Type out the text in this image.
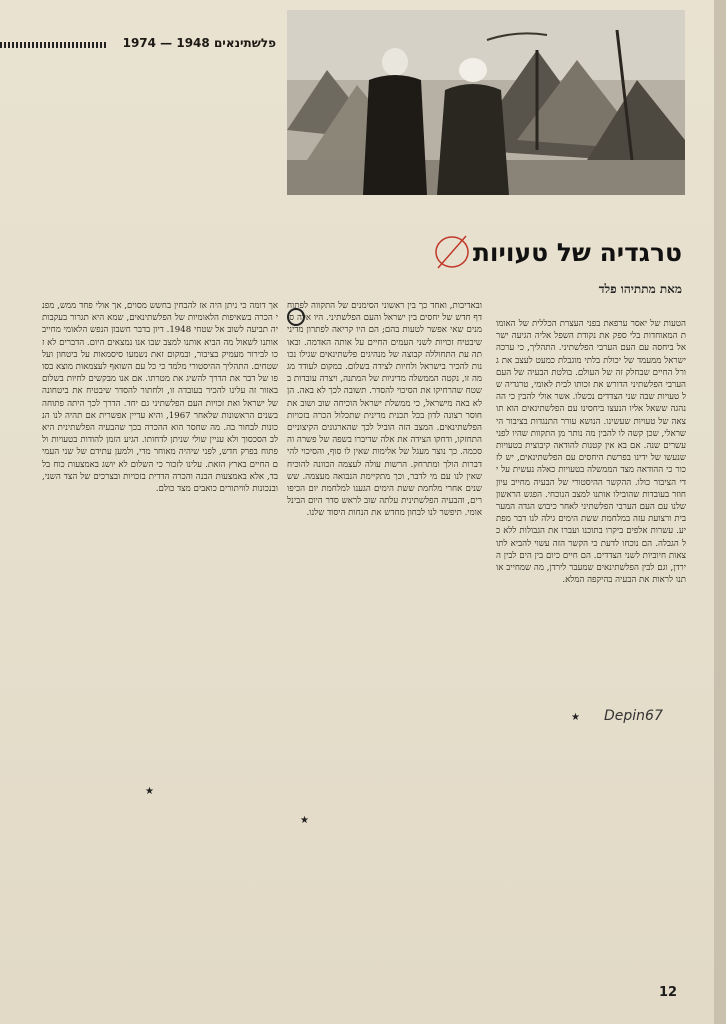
פלשתינאים 1948 — 1974
טרגדיה של טעויות
מאת מתתיהו פלד
הטעות של יאסר ערפאת בפני העצרת הכללית של האומות המאוחדות בלי ספק את נקודת השפל אליה הגיעה ישראל ביחסה עם העם הערבי הפלשתיני. התהליך, כי ערכה ישראל ממעמד של יכולת בלתי מוגבלת כמעט לעצב את גורל החיים שבחלק זה של העולם. בולטת הבעיה של העם הערבי הפלשתיני הדורש את זכותו לבית לאומי, טרגדיה של טעויות שבה שני הצדדים נכשלו. אשר אולי להבין כי ההנהגה ששאל אליו הנעצו ביחסינו עם הפלשתינאים הוא תוצאה של טעויות שעשינו. הנושא עורר התנגדות בציבור הישראלי, שכן קשה לו להבין מה נותר מן התקוות שהיו לפני עשרים שנה. אם בא אין קטנות להודאה קיבוצית בטעויות שנעשו של ידינו בפרשת היחסים עם הפלשתינאים, יש לזכור כי ההודאה מצד הממשלה בטעויות כאלה נעשית על ידי הציבור כולו. ההקשר ההיסטורי של הבעיה מחייב עיון חוזר בעובדות שהובילו אותנו למצב הנוכחי. הפגש הראשון שלנו עם העם הערבי הפלשתיני לאחר כיבוש הגדה המערבית ורצועת עזה במלחמת ששת הימים גילה לנו דבר מפתיע. עשרות אלפים ביקרו בתוכנו ועברו את הגבולות ללא כל הגבלה. הם נוכחו לדעת כי הקשר הזה עשוי להביא לתוצאות חיוביות לשני הצדדים. הם חיים כיום בין הים לבין הירדן, וגם לבין הפלשתינאים שמעבר לירדן, מה שמחייב אותנו לראות את הבעיה בהיקפה המלא.
ובאדיבות, ואחד כך בין ראשוני הסימנים של התקווה לפתוח דף חדש של יחסים בין ישראל והעם הפלשתיני. היו אלה סימנים שאי אפשר לטעות בהם; הם היו קריאה לפתרון מדיני שיבטיח זכויות לשני העמים החיים על אותה האדמה. ובאותה עת התחוללה קבוצה של מנהיגים פלשתינאים שגילו נכונות להכיר בישראל ולחיות לצידה בשלום. במקום לעודד מגמה זו, נקטה הממשלה מדיניות של המתנה, ויצרה עובדות בשטח שהרחיקו את הסיכוי להסדר. תשובה לכך לא באה. הן לא באה מישראל, כי ממשלת ישראל הוכיחה שוב ושוב את חוסר רצונה לדון בכל תכנית מדינית שתכלול הכרה בזכויות הפלשתינאים. המצב הזה הוביל לכך שהארגונים הקיצוניים התחזקו, ודחקו הצידה את אלה שדיברו בשפה של פשרה והסכמה. כך נוצר מעגל של אלימות שאין לו סוף, והסיכוי להידברות הולך ומתרחק. הרשות עולה לעצמה הכוונה להוכיח שאין לנו עם מי לדבר, וכך מתקיימת הנבואה מעצמה. שש שנים אחרי מלחמת ששת הימים הגענו למלחמת יום הכיפורים, והבעיה הפלשתינית עלתה שוב לראש סדר היום הבינלאומי. תיפשר לנו לבחון מחדש את הנחות היסוד שלנו.
אך דומה כי ניתן היה אז להבחין בחשש מסוים, אך אולי פחד ממש, מפני הכרה בשאיפות הלאומיות של הפלשתינאים, שמא היא תגרור בעקבותיה תביעה לשוב אל שטחי 1948. דיון בדבר חשבון הנפש הלאומי מחייב אותנו לשאול מה הביא אותנו למצב שבו אנו נמצאים היום. הדברים לא זכו לבירור מעמיק בציבור, ובמקום זאת נשמעו סיסמאות על ביטחון ועל שטחים. התהליך ההיסטורי מלמד כי כל עם השואף לעצמאות מוצא בסופו של דבר את הדרך להשיג את מטרתו. אם אנו מבקשים לחיות בשלום באזור זה עלינו להכיר בעובדה זו, ולחתור להסדר שיבטיח את ביטחונה של ישראל ואת זכויות העם הפלשתיני גם יחד. הדרך לכך היתה פתוחה בשנים הראשונות שלאחר 1967, והיא עדיין אפשרית אם תהיה לנו הנכונות לבחור בה. מה שחסר הוא ההכרה בכך שהבעיה הפלשתינית היא לב הסכסוך ולא עניין שולי שניתן לדחותו. הגיע הזמן להודות בטעויות ולפתוח בפרק חדש, לפני שיהיה מאוחר מדי, ולמען עתידם של שני העמים החיים בארץ הזאת. עלינו לזכור כי השלום לא יושג באמצעות כוח בלבד, אלא באמצעות הבנה והכרה הדדית בזכויות ובצרכים של הצד השני, ובנכונות לוויתורים כואבים מצד כולם.
Depin67
★
★
★
12
